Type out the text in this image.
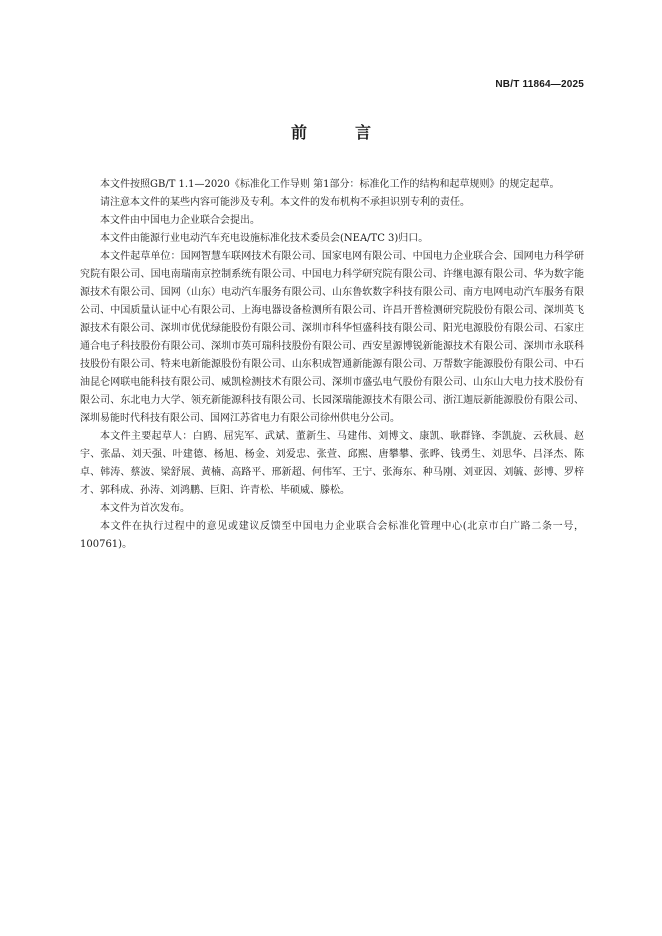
NB/T 11864—2025
前　言

本文件按照GB/T 1.1—2020《标准化工作导则 第1部分：标准化工作的结构和起草规则》的规定起草。

请注意本文件的某些内容可能涉及专利。本文件的发布机构不承担识别专利的责任。

本文件由中国电力企业联合会提出。

本文件由能源行业电动汽车充电设施标准化技术委员会(NEA/TC 3)归口。

本文件起草单位：国网智慧车联网技术有限公司、国家电网有限公司、中国电力企业联合会、国网电力科学研究院有限公司、国电南瑞南京控制系统有限公司、中国电力科学研究院有限公司、许继电源有限公司、华为数字能源技术有限公司、国网（山东）电动汽车服务有限公司、山东鲁软数字科技有限公司、南方电网电动汽车服务有限公司、中国质量认证中心有限公司、上海电器设备检测所有限公司、许昌开普检测研究院股份有限公司、深圳英飞源技术有限公司、深圳市优优绿能股份有限公司、深圳市科华恒盛科技有限公司、阳光电源股份有限公司、石家庄通合电子科技股份有限公司、深圳市英可瑞科技股份有限公司、西安星源博锐新能源技术有限公司、深圳市永联科技股份有限公司、特来电新能源股份有限公司、山东积成智通新能源有限公司、万帮数字能源股份有限公司、中石油昆仑网联电能科技有限公司、威凯检测技术有限公司、深圳市盛弘电气股份有限公司、山东山大电力技术股份有限公司、东北电力大学、领充新能源科技有限公司、长园深瑞能源技术有限公司、浙江迦辰新能源股份有限公司、深圳易能时代科技有限公司、国网江苏省电力有限公司徐州供电分公司。

本文件主要起草人：白鸥、屈宪军、武斌、董新生、马建伟、刘博文、康凯、耿群锋、李凯旋、云秋晨、赵宇、张晶、刘天强、叶建德、杨旭、杨金、刘爱忠、张萱、邱熙、唐攀攀、张晔、钱勇生、刘思华、吕泽杰、陈卓、韩涛、蔡波、梁舒展、黄楠、高路平、邢新超、何伟军、王宁、张海东、种马刚、刘亚因、刘毓、彭博、罗梓才、郭科成、孙涛、刘鸿鹏、巨阳、许青松、毕硕威、滕松。

本文件为首次发布。

本文件在执行过程中的意见或建议反馈至中国电力企业联合会标准化管理中心(北京市白广路二条一号，100761)。
